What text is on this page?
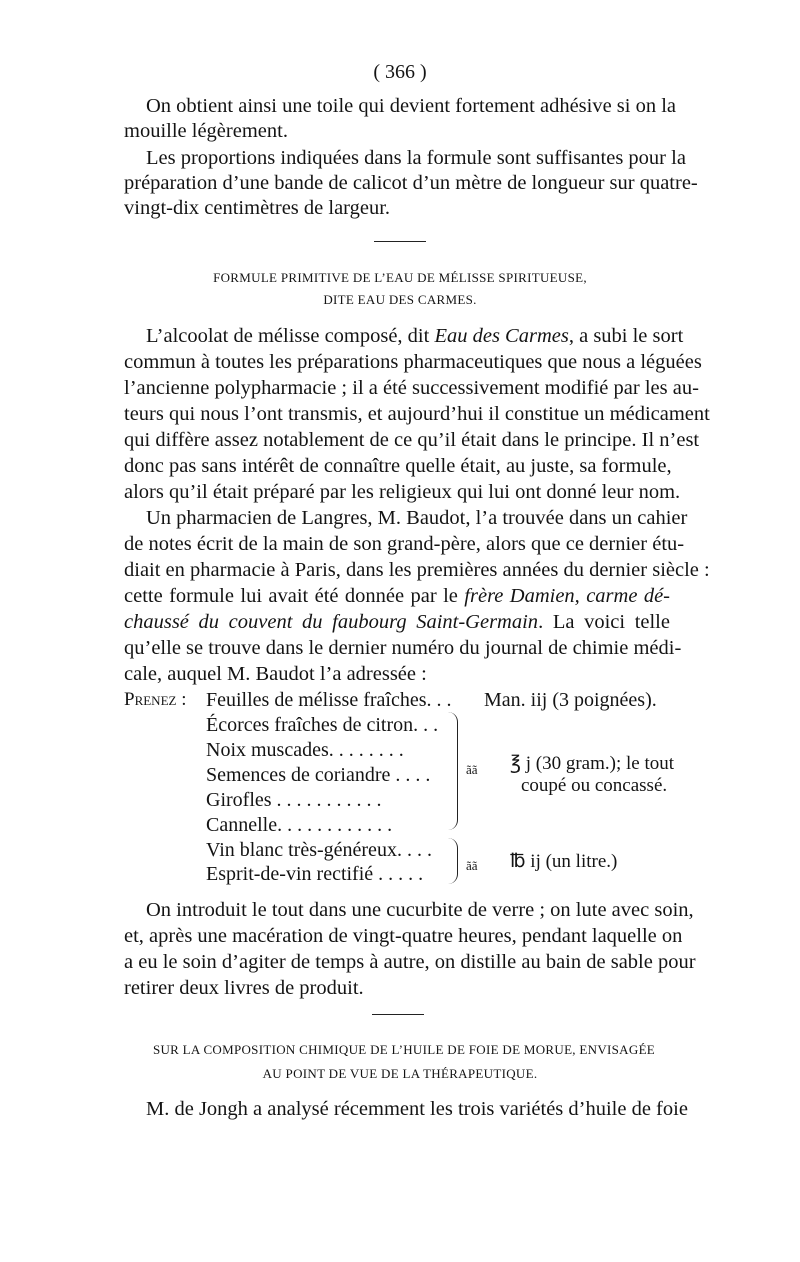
( 366 )
On obtient ainsi une toile qui devient fortement adhésive si on la
mouille légèrement.
Les proportions indiquées dans la formule sont suffisantes pour la
préparation d’une bande de calicot d’un mètre de longueur sur quatre-
vingt-dix centimètres de largeur.
FORMULE PRIMITIVE DE L’EAU DE MÉLISSE SPIRITUEUSE,
DITE EAU DES CARMES.
L’alcoolat de mélisse composé, dit Eau des Carmes, a subi le sort
commun à toutes les préparations pharmaceutiques que nous a léguées
l’ancienne polypharmacie ; il a été successivement modifié par les au-
teurs qui nous l’ont transmis, et aujourd’hui il constitue un médicament
qui diffère assez notablement de ce qu’il était dans le principe. Il n’est
donc pas sans intérêt de connaître quelle était, au juste, sa formule,
alors qu’il était préparé par les religieux qui lui ont donné leur nom.
Un pharmacien de Langres, M. Baudot, l’a trouvée dans un cahier
de notes écrit de la main de son grand-père, alors que ce dernier étu-
diait en pharmacie à Paris, dans les premières années du dernier siècle :
cette formule lui avait été donnée par le frère Damien, carme dé-
chaussé du couvent du faubourg Saint-Germain. La voici telle
qu’elle se trouve dans le dernier numéro du journal de chimie médi-
cale, auquel M. Baudot l’a adressée :
Prenez : Feuilles de mélisse fraîches. . . Man. iij (3 poignées).
Écorces fraîches de citron. . .
Noix muscades. . . . . . . .
Semences de coriandre . . . .
Girofles . . . . . . . . . . .
Cannelle. . . . . . . . . . . .
Vin blanc très-généreux. . . .
Esprit-de-vin rectifié . . . . .
ãã ℥ j (30 gram.); le tout
coupé ou concassé.
ãã ℔ ij (un litre.)
On introduit le tout dans une cucurbite de verre ; on lute avec soin,
et, après une macération de vingt-quatre heures, pendant laquelle on
a eu le soin d’agiter de temps à autre, on distille au bain de sable pour
retirer deux livres de produit.
SUR LA COMPOSITION CHIMIQUE DE L’HUILE DE FOIE DE MORUE, ENVISAGÉE
AU POINT DE VUE DE LA THÉRAPEUTIQUE.
M. de Jongh a analysé récemment les trois variétés d’huile de foie
